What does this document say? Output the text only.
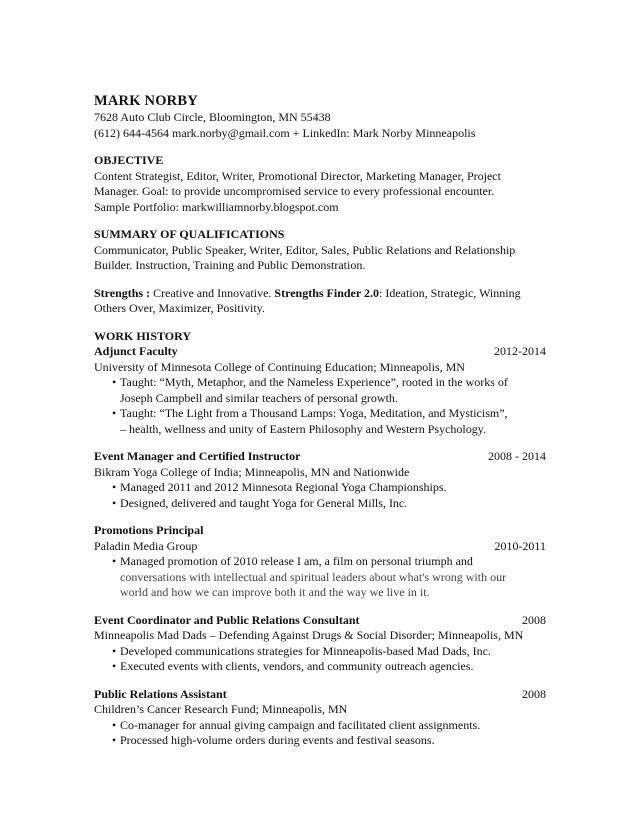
MARK NORBY
7628 Auto Club Circle, Bloomington, MN 55438
(612) 644-4564 mark.norby@gmail.com + LinkedIn: Mark Norby Minneapolis
OBJECTIVE
Content Strategist, Editor, Writer, Promotional Director, Marketing Manager, Project
Manager. Goal: to provide uncompromised service to every professional encounter.
Sample Portfolio: markwilliamnorby.blogspot.com
SUMMARY OF QUALIFICATIONS
Communicator, Public Speaker, Writer, Editor, Sales, Public Relations and Relationship
Builder. Instruction, Training and Public Demonstration.
Strengths : Creative and Innovative. Strengths Finder 2.0: Ideation, Strategic, Winning
Others Over, Maximizer, Positivity.
WORK HISTORY
Adjunct Faculty	2012-2014
University of Minnesota College of Continuing Education; Minneapolis, MN
• Taught: “Myth, Metaphor, and the Nameless Experience”, rooted in the works of
Joseph Campbell and similar teachers of personal growth.
• Taught: “The Light from a Thousand Lamps: Yoga, Meditation, and Mysticism”,
– health, wellness and unity of Eastern Philosophy and Western Psychology.
Event Manager and Certified Instructor	2008 - 2014
Bikram Yoga College of India; Minneapolis, MN and Nationwide
• Managed 2011 and 2012 Minnesota Regional Yoga Championships.
• Designed, delivered and taught Yoga for General Mills, Inc.
Promotions Principal
Paladin Media Group	2010-2011
• Managed promotion of 2010 release I am, a film on personal triumph and
conversations with intellectual and spiritual leaders about what's wrong with our
world and how we can improve both it and the way we live in it.
Event Coordinator and Public Relations Consultant	2008
Minneapolis Mad Dads – Defending Against Drugs & Social Disorder; Minneapolis, MN
• Developed communications strategies for Minneapolis-based Mad Dads, Inc.
• Executed events with clients, vendors, and community outreach agencies.
Public Relations Assistant	2008
Children’s Cancer Research Fund; Minneapolis, MN
• Co-manager for annual giving campaign and facilitated client assignments.
• Processed high-volume orders during events and festival seasons.
